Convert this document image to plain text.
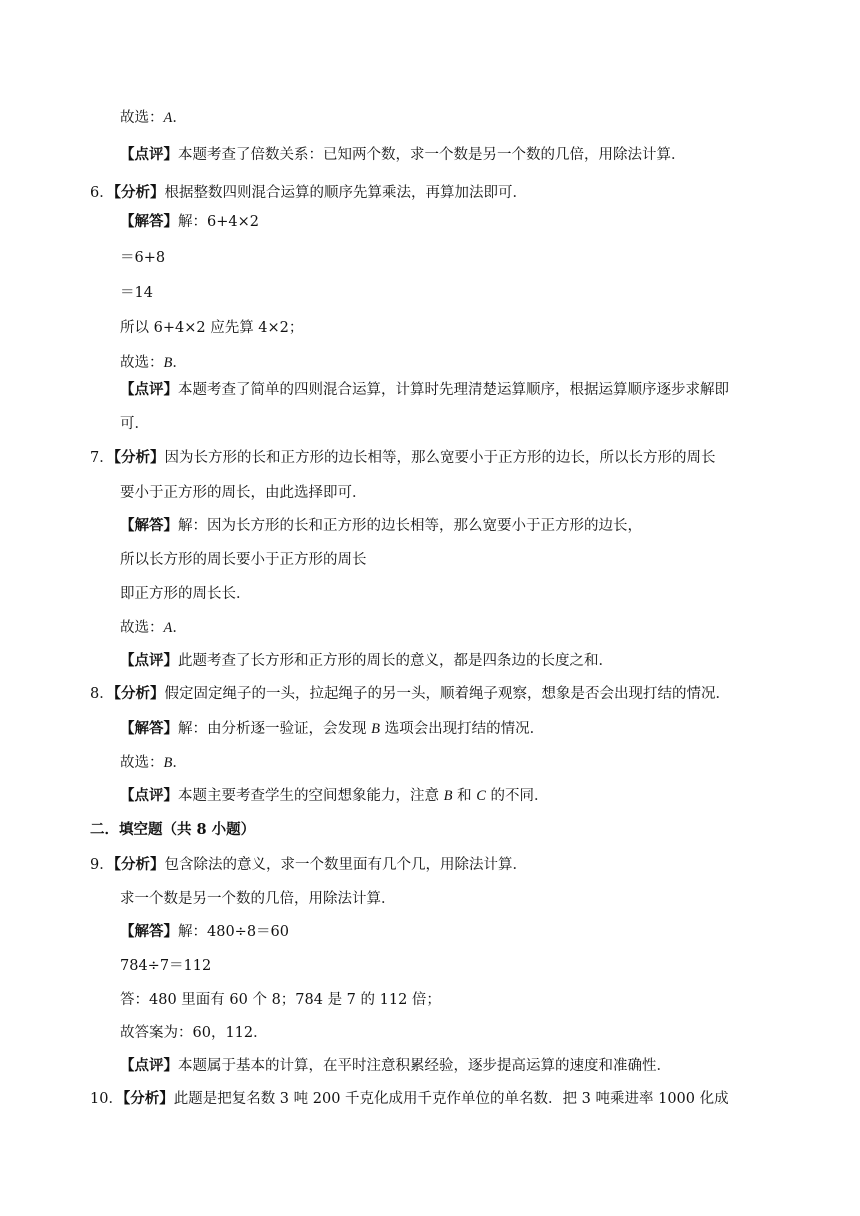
故选：A．
【点评】本题考查了倍数关系：已知两个数，求一个数是另一个数的几倍，用除法计算．
6．【分析】根据整数四则混合运算的顺序先算乘法，再算加法即可．
【解答】解：6+4×2
＝6+8
＝14
所以 6+4×2 应先算 4×2；
故选：B．
【点评】本题考查了简单的四则混合运算，计算时先理清楚运算顺序，根据运算顺序逐步求解即
可．
7．【分析】因为长方形的长和正方形的边长相等，那么宽要小于正方形的边长，所以长方形的周长
要小于正方形的周长，由此选择即可．
【解答】解：因为长方形的长和正方形的边长相等，那么宽要小于正方形的边长，
所以长方形的周长要小于正方形的周长
即正方形的周长长．
故选：A．
【点评】此题考查了长方形和正方形的周长的意义，都是四条边的长度之和．
8．【分析】假定固定绳子的一头，拉起绳子的另一头，顺着绳子观察，想象是否会出现打结的情况．
【解答】解：由分析逐一验证，会发现 B 选项会出现打结的情况．
故选：B．
【点评】本题主要考查学生的空间想象能力，注意 B 和 C 的不同．
二．填空题（共 8 小题）
9．【分析】包含除法的意义，求一个数里面有几个几，用除法计算．
求一个数是另一个数的几倍，用除法计算．
【解答】解：480÷8＝60
784÷7＝112
答：480 里面有 60 个 8；784 是 7 的 112 倍；
故答案为：60，112．
【点评】本题属于基本的计算，在平时注意积累经验，逐步提高运算的速度和准确性．
10．【分析】此题是把复名数 3 吨 200 千克化成用千克作单位的单名数．把 3 吨乘进率 1000 化成
